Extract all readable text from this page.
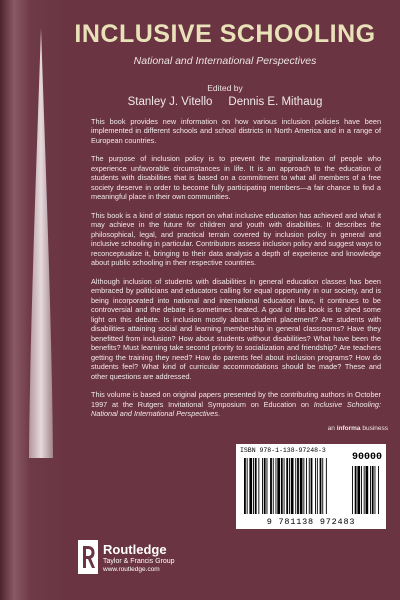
INCLUSIVE SCHOOLING
National and International Perspectives
Edited by
Stanley J. Vitello Dennis E. Mithaug

This book provides new information on how various inclusion policies have been implemented in different schools and school districts in North America and in a range of European countries.

The purpose of inclusion policy is to prevent the marginalization of people who experience unfavorable circumstances in life. It is an approach to the education of students with disabilities that is based on a commitment to what all members of a free society deserve in order to become fully participating members—a fair chance to find a meaningful place in their own communities.

This book is a kind of status report on what inclusive education has achieved and what it may achieve in the future for children and youth with disabilities. It describes the philosophical, legal, and practical terrain covered by inclusion policy in general and inclusive schooling in particular. Contributors assess inclusion policy and suggest ways to reconceptualize it, bringing to their data analysis a depth of experience and knowledge about public schooling in their respective countries.

Although inclusion of students with disabilities in general education classes has been embraced by politicians and educators calling for equal opportunity in our society, and is being incorporated into national and international education laws, it continues to be controversial and the debate is sometimes heated. A goal of this book is to shed some light on this debate. Is inclusion mostly about student placement? Are students with disabilities attaining social and learning membership in general classrooms? Have they benefitted from inclusion? How about students without disabilities? What have been the benefits? Must learning take second priority to socialization and friendship? Are teachers getting the training they need? How do parents feel about inclusion programs? How do students feel? What kind of curricular accommodations should be made? These and other questions are addressed.

This volume is based on original papers presented by the contributing authors in October 1997 at the Rutgers Invitational Symposium on Education on Inclusive Schooling: National and International Perspectives.

an informa business
ISBN 978-1-138-97248-3
90000
9 781138 972483
Routledge
Taylor & Francis Group
www.routledge.com
